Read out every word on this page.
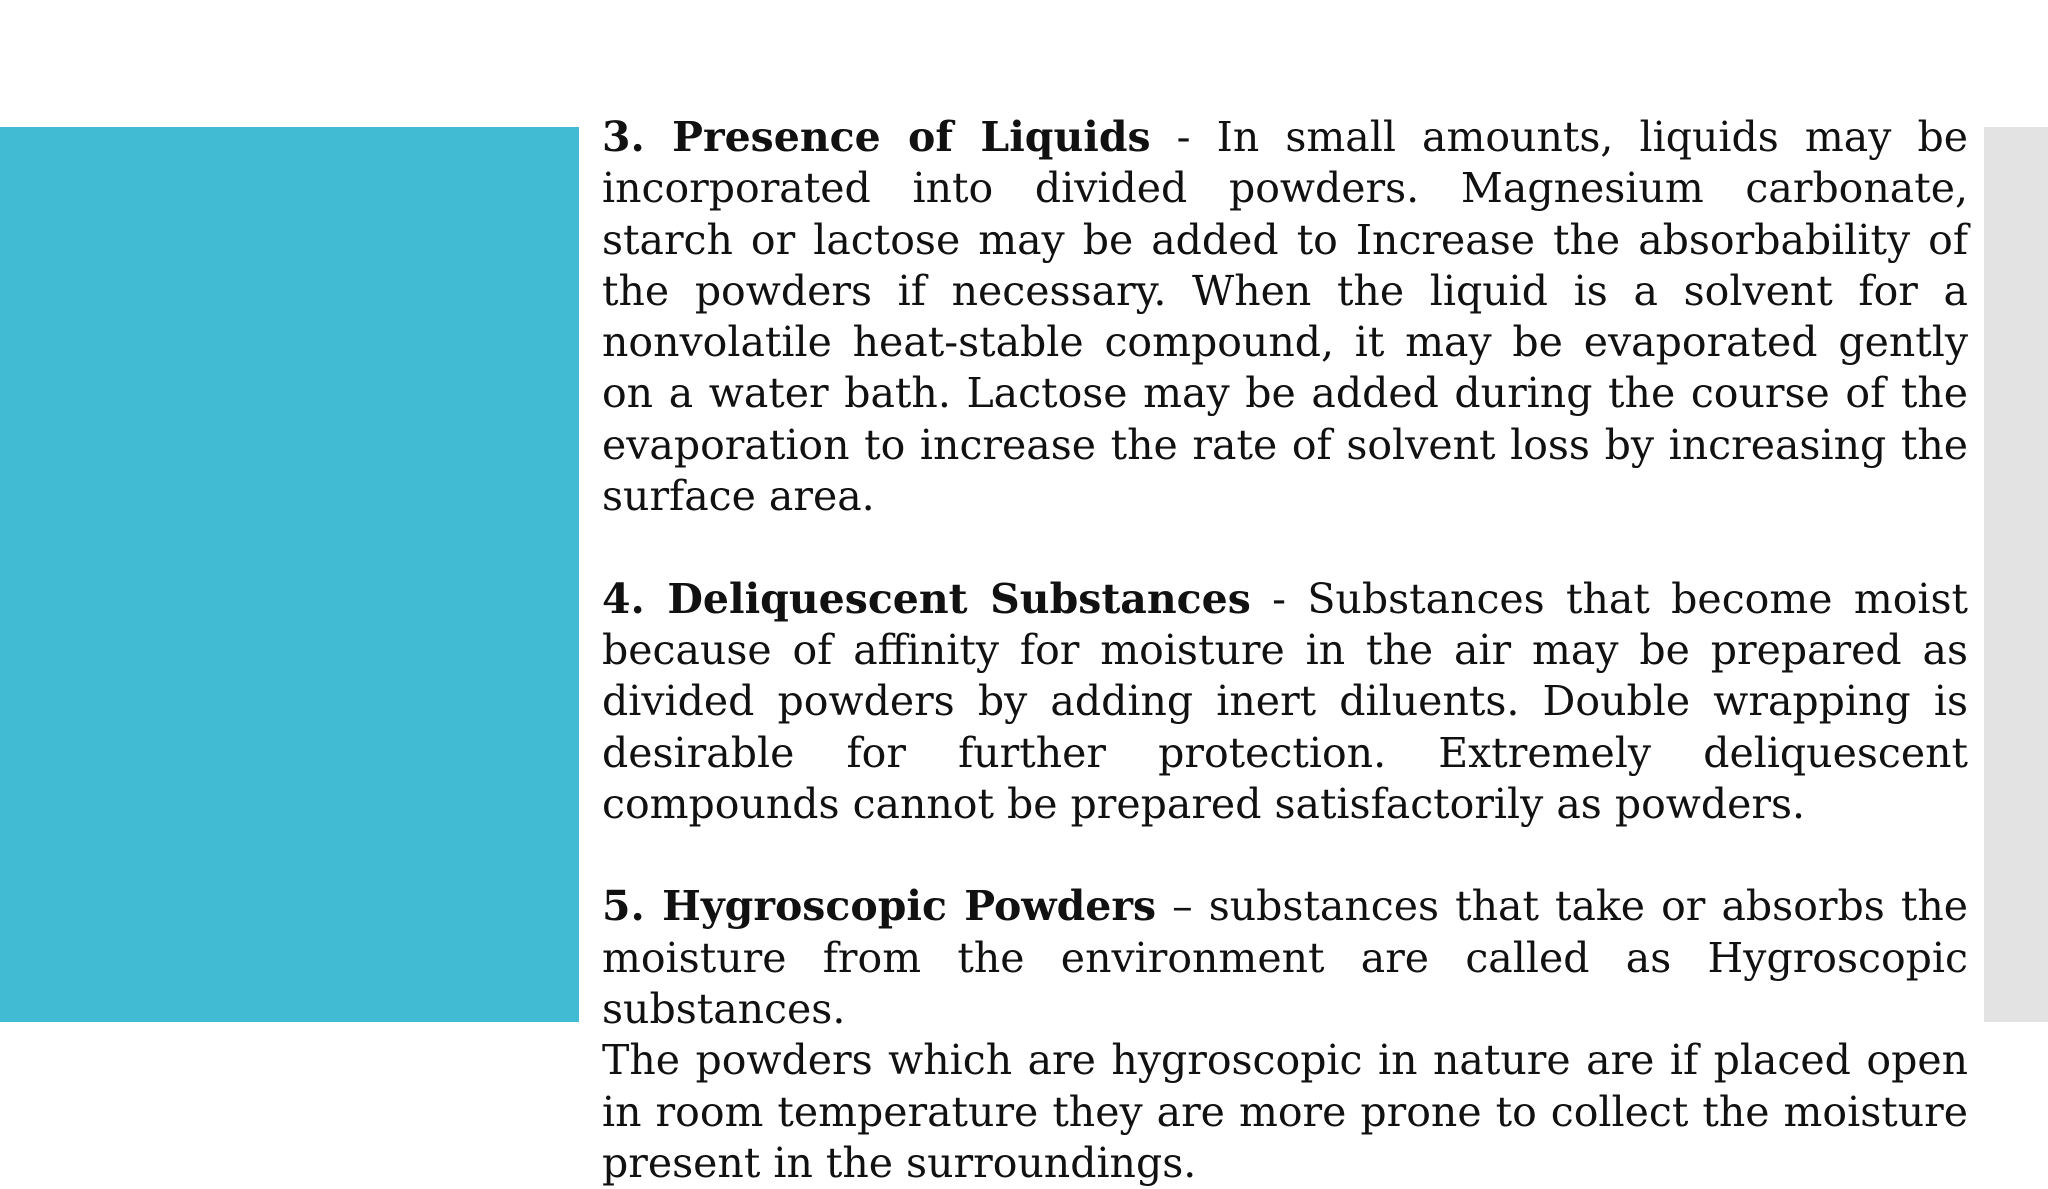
3. Presence of Liquids - In small amounts, liquids may be incorporated into divided powders. Magnesium carbonate, starch or lactose may be added to Increase the absorbability of the powders if necessary. When the liquid is a solvent for a nonvolatile heat-stable compound, it may be evaporated gently on a water bath. Lactose may be added during the course of the evaporation to increase the rate of solvent loss by increasing the surface area.

4. Deliquescent Substances - Substances that become moist because of affinity for moisture in the air may be prepared as divided powders by adding inert diluents. Double wrapping is desirable for further protection. Extremely deliquescent compounds cannot be prepared satisfactorily as powders.

5. Hygroscopic Powders – substances that take or absorbs the moisture from the environment are called as Hygroscopic substances.
The powders which are hygroscopic in nature are if placed open in room temperature they are more prone to collect the moisture present in the surroundings.
